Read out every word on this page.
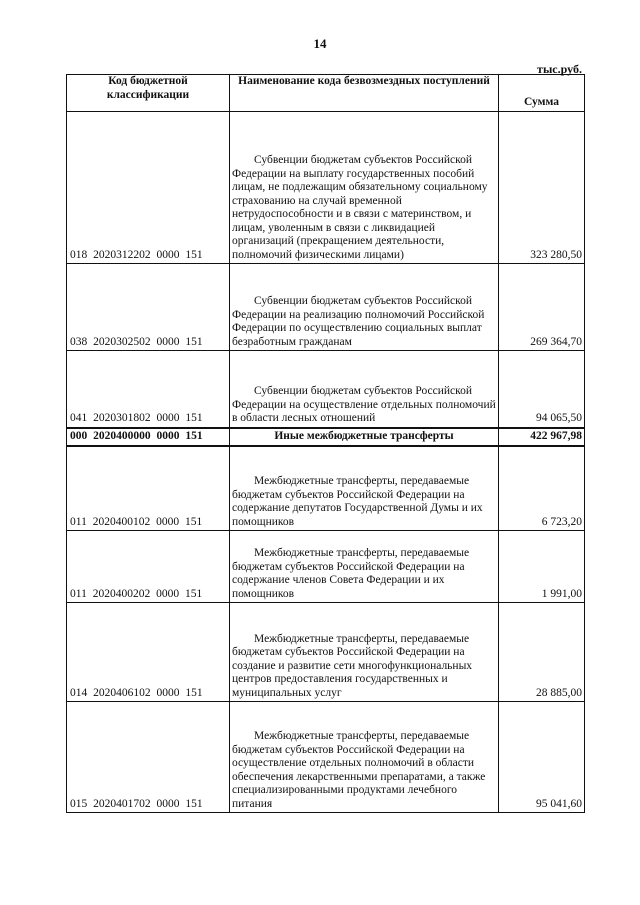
14
тыс.руб.
Код бюджетной классификации	Наименование кода безвозмездных поступлений	Сумма
018 2020312202 0000 151	Субвенции бюджетам субъектов Российской Федерации на выплату государственных пособий лицам, не подлежащим обязательному социальному страхованию на случай временной нетрудоспособности и в связи с материнством, и лицам, уволенным в связи с ликвидацией организаций (прекращением деятельности, полномочий физическими лицами)	323 280,50
038 2020302502 0000 151	Субвенции бюджетам субъектов Российской Федерации на реализацию полномочий Российской Федерации по осуществлению социальных выплат безработным гражданам	269 364,70
041 2020301802 0000 151	Субвенции бюджетам субъектов Российской Федерации на осуществление отдельных полномочий в области лесных отношений	94 065,50
000 2020400000 0000 151	Иные межбюджетные трансферты	422 967,98
011 2020400102 0000 151	Межбюджетные трансферты, передаваемые бюджетам субъектов Российской Федерации на содержание депутатов Государственной Думы и их помощников	6 723,20
011 2020400202 0000 151	Межбюджетные трансферты, передаваемые бюджетам субъектов Российской Федерации на содержание членов Совета Федерации и их помощников	1 991,00
014 2020406102 0000 151	Межбюджетные трансферты, передаваемые бюджетам субъектов Российской Федерации на создание и развитие сети многофункциональных центров предоставления государственных и муниципальных услуг	28 885,00
015 2020401702 0000 151	Межбюджетные трансферты, передаваемые бюджетам субъектов Российской Федерации на осуществление отдельных полномочий в области обеспечения лекарственными препаратами, а также специализированными продуктами лечебного питания	95 041,60
